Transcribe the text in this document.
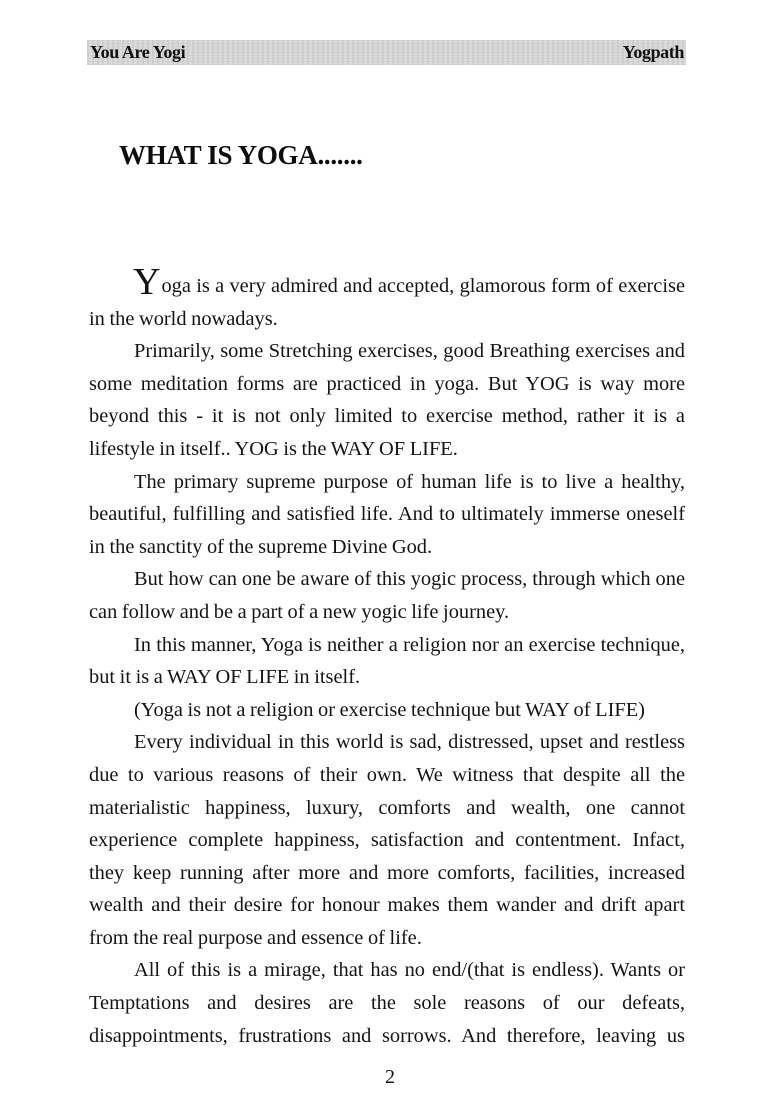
You Are Yogi	Yogpath
WHAT IS YOGA.......

Yoga is a very admired and accepted, glamorous form of exercise in the world nowadays.

Primarily, some Stretching exercises, good Breathing exercises and some meditation forms are practiced in yoga. But YOG is way more beyond this - it is not only limited to exercise method, rather it is a lifestyle in itself.. YOG is the WAY OF LIFE.

The primary supreme purpose of human life is to live a healthy, beautiful, fulfilling and satisfied life. And to ultimately immerse oneself in the sanctity of the supreme Divine God.

But how can one be aware of this yogic process, through which one can follow and be a part of a new yogic life journey.

In this manner, Yoga is neither a religion nor an exercise technique, but it is a WAY OF LIFE in itself.

(Yoga is not a religion or exercise technique but WAY of LIFE)

Every individual in this world is sad, distressed, upset and restless due to various reasons of their own. We witness that despite all the materialistic happiness, luxury, comforts and wealth, one cannot experience complete happiness, satisfaction and contentment. Infact, they keep running after more and more comforts, facilities, increased wealth and their desire for honour makes them wander and drift apart from the real purpose and essence of life.

All of this is a mirage, that has no end/(that is endless). Wants or Temptations and desires are the sole reasons of our defeats, disappointments, frustrations and sorrows. And therefore, leaving us

2
